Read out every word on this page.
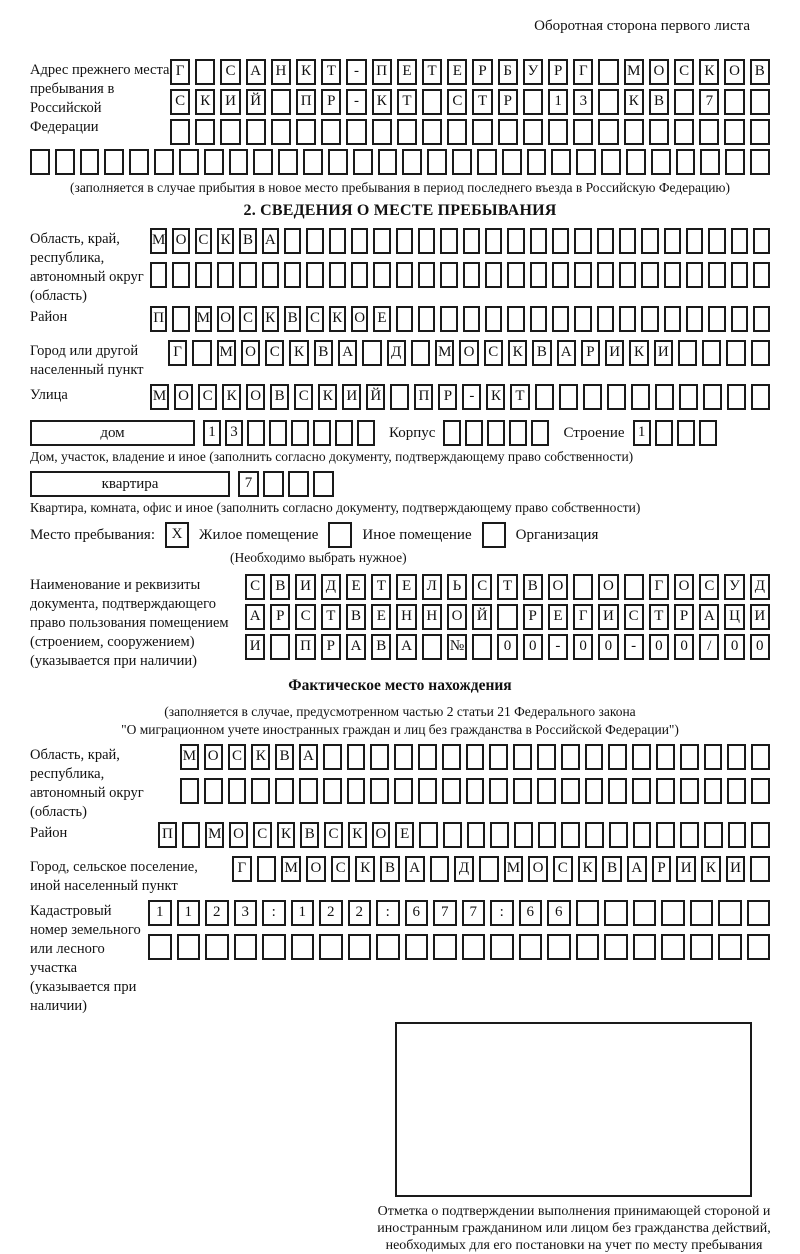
Оборотная сторона первого листа
Адрес прежнего места пребывания в Российской Федерации
Г	С А Н К	Т	-	П	Е	Т	Е	Р	Б	У	Р	Г	М О С	К О В
С	К И Й	П	Р	-	К	Т	С	Т	Р	1	3	К	В	7
(заполняется в случае прибытия в новое место пребывания в период последнего въезда в Российскую Федерацию)
2. СВЕДЕНИЯ О МЕСТЕ ПРЕБЫВАНИЯ
Область, край, республика, автономный округ (область)
М О С К В А
Район	П М О С К В С К О Е
Город или другой населенный пункт
Г	М О С К В А	Д	М О С К В А Р И К И
Улица	М О С К О В С К И Й П Р	-	К Т
дом	1 3	Корпус	Строение 1
Дом, участок, владение и иное (заполнить согласно документу, подтверждающему право собственности)
квартира	7
Квартира, комната, офис и иное (заполнить согласно документу, подтверждающему право собственности)
Место пребывания:	X	Жилое помещение	Иное помещение	Организация
(Необходимо выбрать нужное)
Наименование и реквизиты документа, подтверждающего право пользования помещением (строением, сооружением) (указывается при наличии)
С	В И Д	Е	Т	Е	Л	Ь	С	Т	В О	О	Г	О С У Д
А	Р	С	Т	В	Е	Н Н О Й	Р	Е	Г	И С	Т	Р	А Ц И
И	П	Р	А В А	№	0	0	-	0	0	-	0	0	/	0	0
Фактическое место нахождения
(заполняется в случае, предусмотренном частью 2 статьи 21 Федерального закона
"О миграционном учете иностранных граждан и лиц без гражданства в Российской Федерации")
Область, край, республика, автономный округ (область)
М О С К В А
Район	П М О С К В С К О Е
Город, сельское поселение, иной населенный пункт
Г	М О С К В А	Д	М О С К В А	Р	И К И
Кадастровый номер земельного или лесного участка (указывается при наличии)
1	1	2	3	:	1	2	2	:	6	7	7	:	6	6
Отметка о подтверждении выполнения принимающей стороной и иностранным гражданином или лицом без гражданства действий, необходимых для его постановки на учет по месту пребывания
